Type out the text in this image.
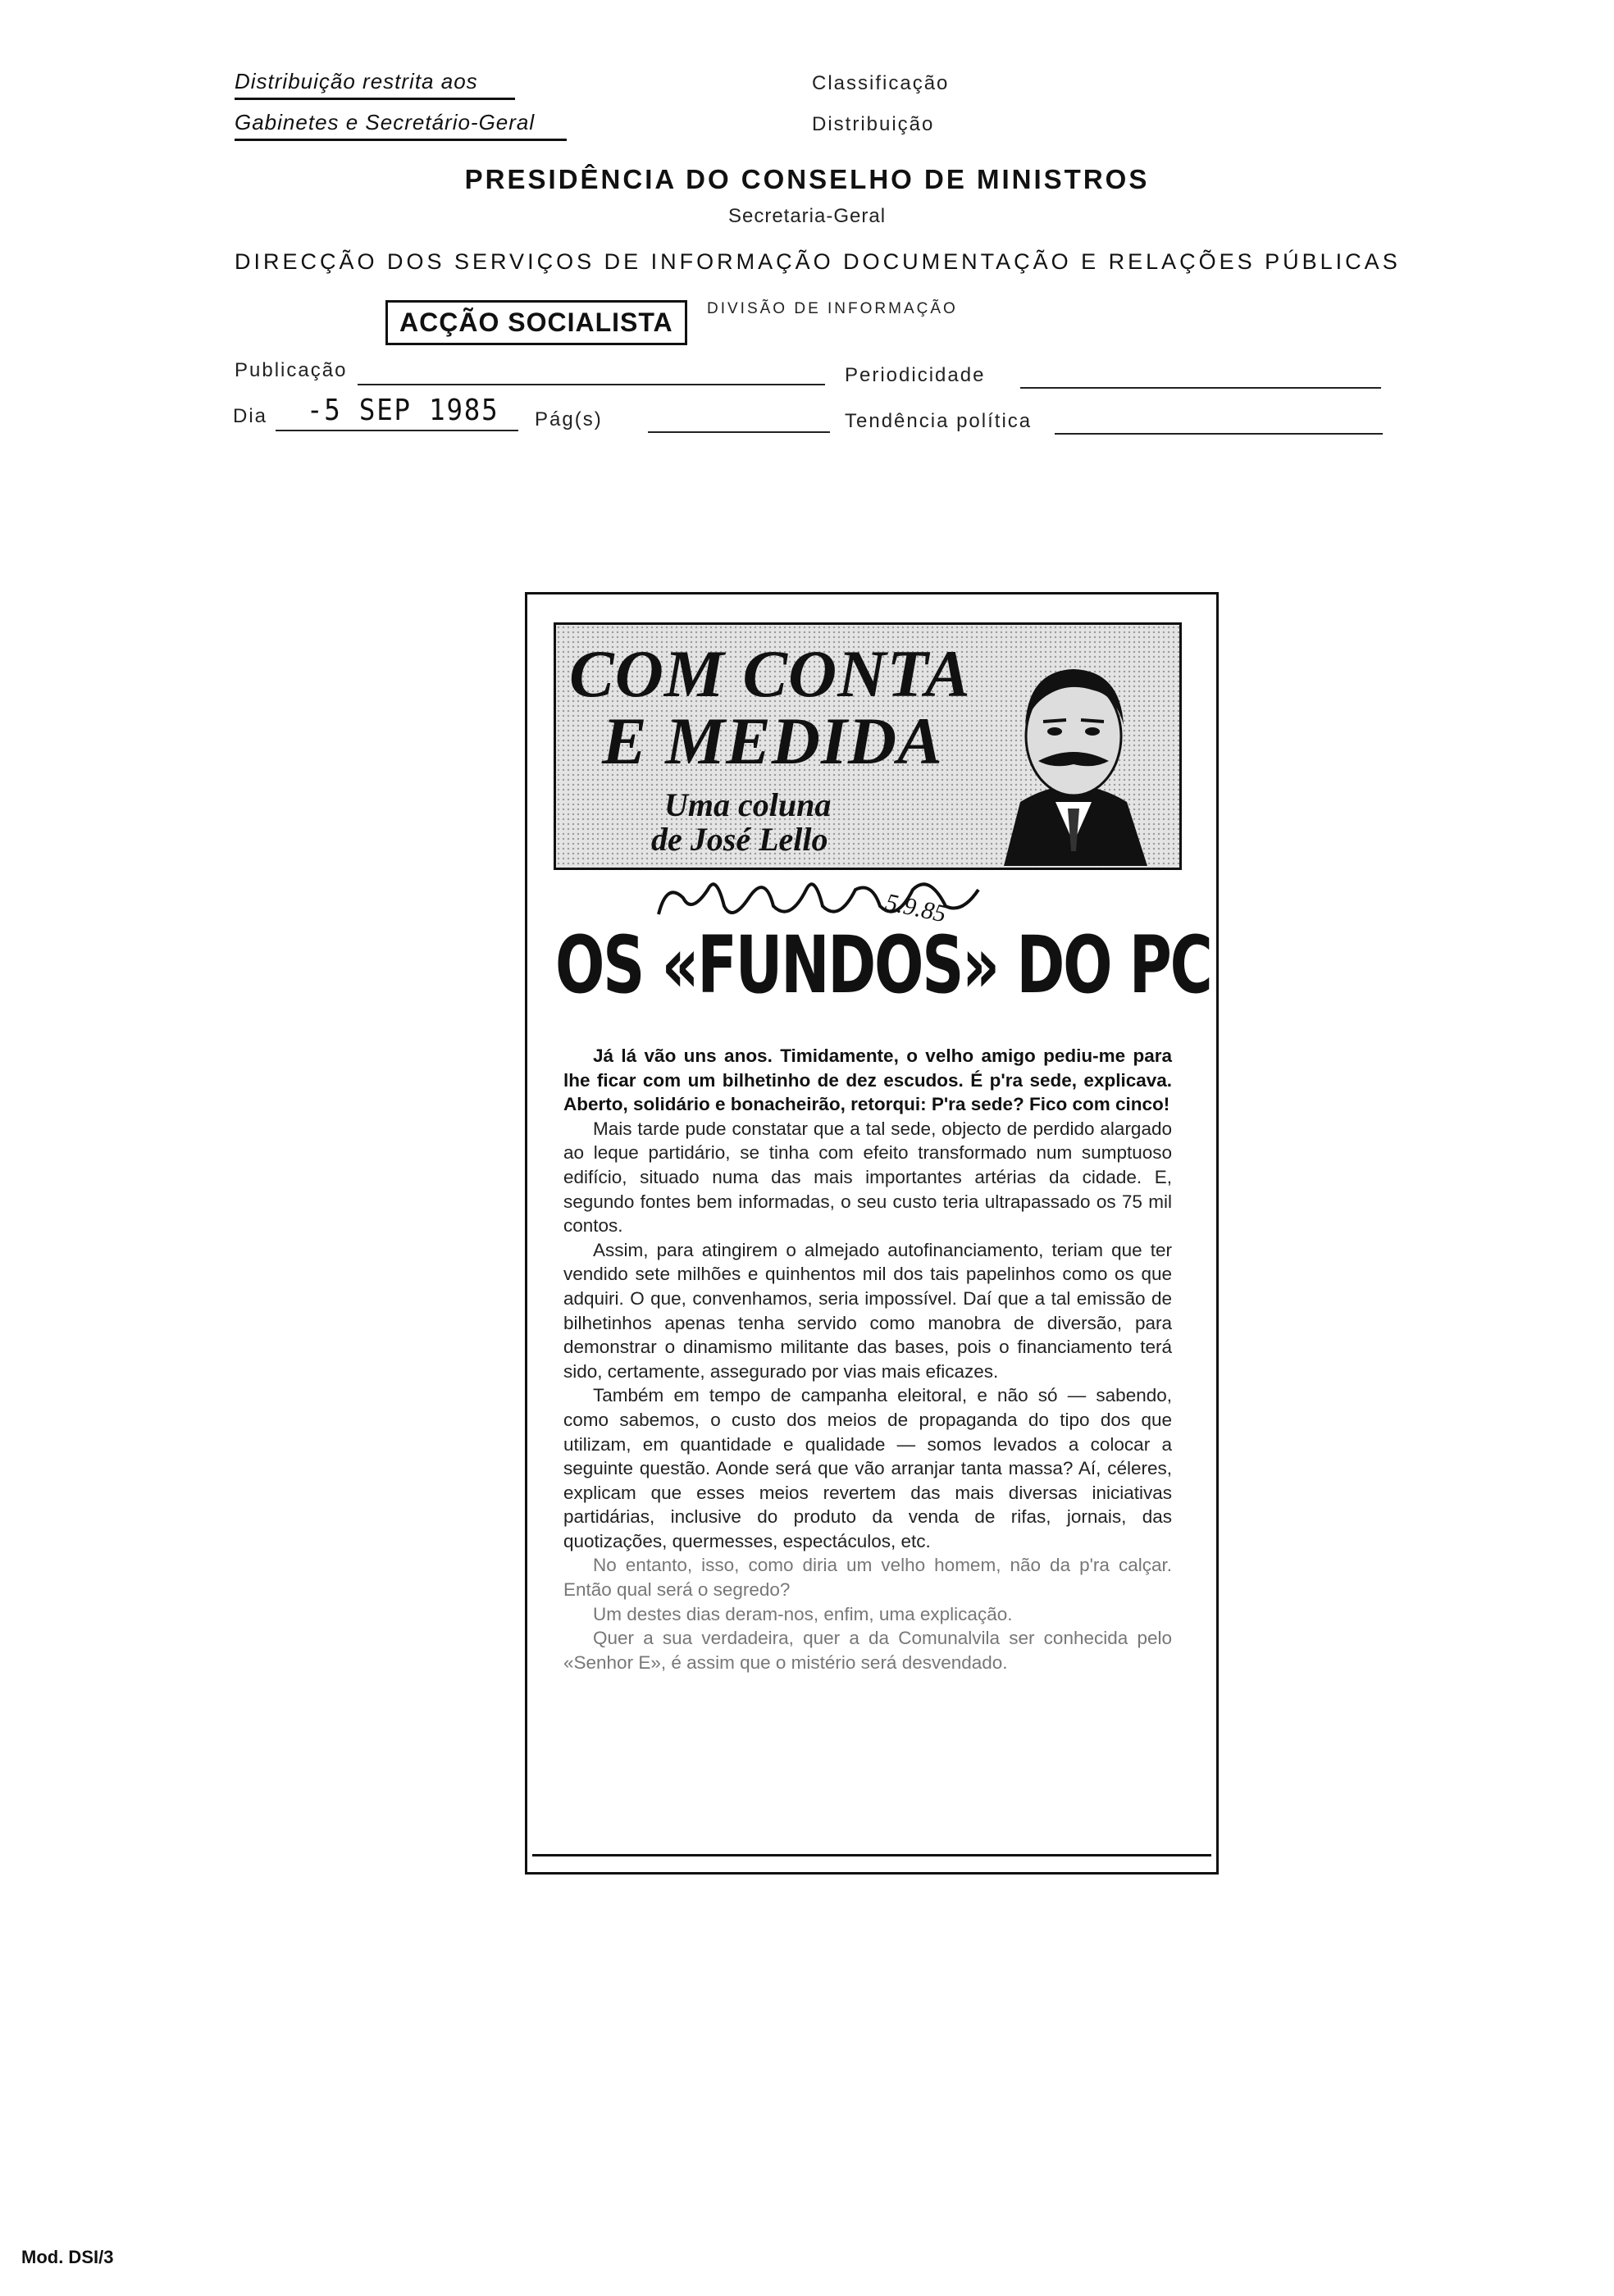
Distribuição restrita aos
Gabinetes e Secretário-Geral
Classificação
Distribuição
PRESIDÊNCIA DO CONSELHO DE MINISTROS
Secretaria-Geral
DIRECÇÃO DOS SERVIÇOS DE INFORMAÇÃO DOCUMENTAÇÃO E RELAÇÕES PÚBLICAS
ACÇÃO SOCIALISTA	DIVISÃO DE INFORMAÇÃO
Publicação	Periodicidade
Dia -5 SEP 1985 Pág(s)	Tendência política
COM CONTA
E MEDIDA
Uma coluna
de José Lello
5.9.85
OS «FUNDOS» DO PC

Já lá vão uns anos. Timidamente, o velho amigo pediu-me para lhe ficar com um bilhetinho de dez escudos. É p'ra sede, explicava. Aberto, solidário e bonacheirão, retorqui: P'ra sede? Fico com cinco!

Mais tarde pude constatar que a tal sede, objecto de perdido alargado ao leque partidário, se tinha com efeito transformado num sumptuoso edifício, situado numa das mais importantes artérias da cidade. E, segundo fontes bem informadas, o seu custo teria ultrapassado os 75 mil contos.

Assim, para atingirem o almejado autofinanciamento, teriam que ter vendido sete milhões e quinhentos mil dos tais papelinhos como os que adquiri. O que, convenhamos, seria impossível. Daí que a tal emissão de bilhetinhos apenas tenha servido como manobra de diversão, para demonstrar o dinamismo militante das bases, pois o financiamento terá sido, certamente, assegurado por vias mais eficazes.

Também em tempo de campanha eleitoral, e não só — sabendo, como sabemos, o custo dos meios de propaganda do tipo dos que utilizam, em quantidade e qualidade — somos levados a colocar a seguinte questão. Aonde será que vão arranjar tanta massa? Aí, céleres, explicam que esses meios revertem das mais diversas iniciativas partidárias, inclusive do produto da venda de rifas, jornais, das quotizações, quermesses, espectáculos, etc.

No entanto, isso, como diria um velho homem, não da p'ra calçar. Então qual será o segredo?

Um destes dias deram-nos, enfim, uma explicação.

Quer a sua verdadeira, quer a da Comunalvila ser conhecida pelo «Senhor E», é assim que o mistério será desvendado.

Mod. DSI/3
